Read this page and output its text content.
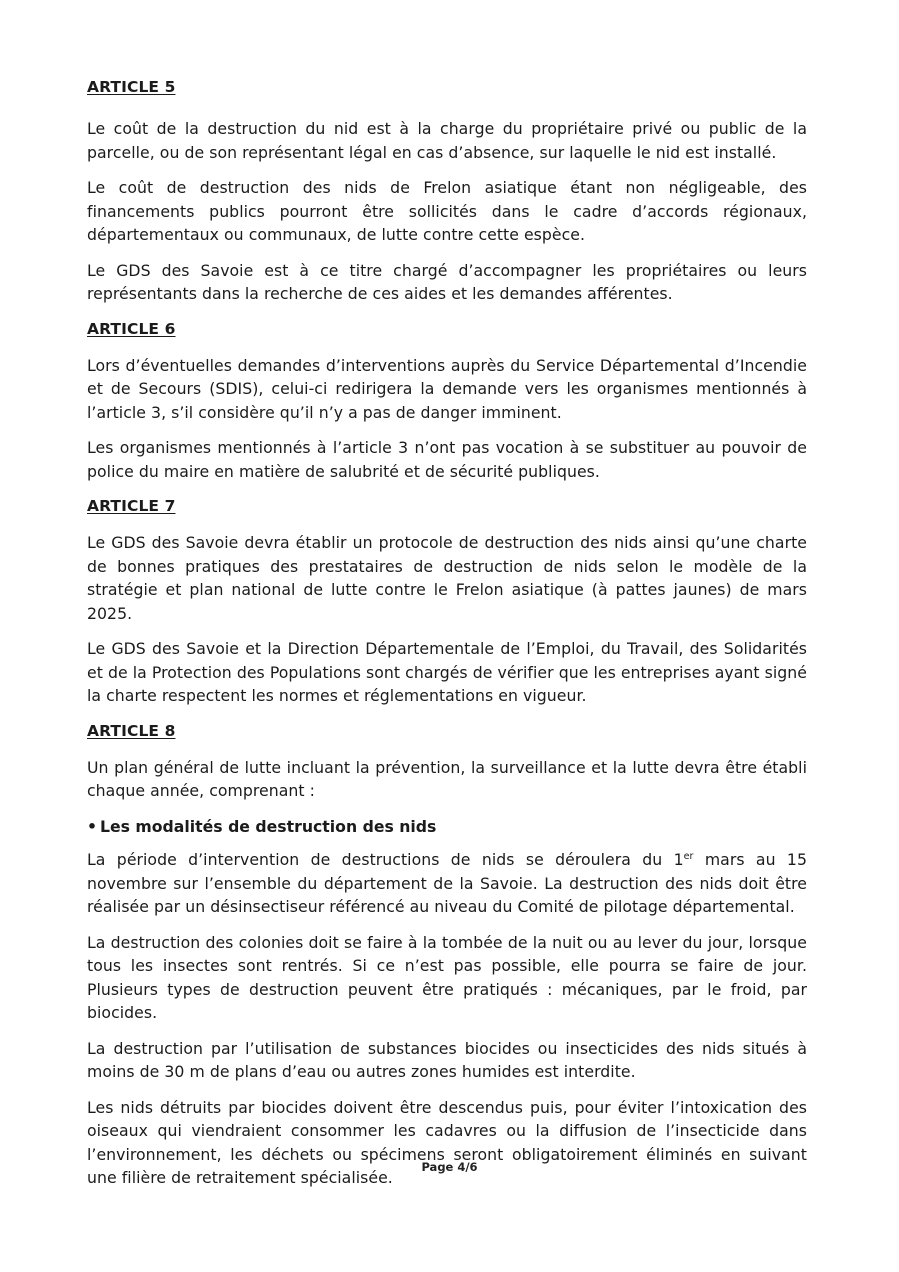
ARTICLE 5

Le coût de la destruction du nid est à la charge du propriétaire privé ou public de la parcelle, ou de son représentant légal en cas d’absence, sur laquelle le nid est installé.

Le coût de destruction des nids de Frelon asiatique étant non négligeable, des financements publics pourront être sollicités dans le cadre d’accords régionaux, départementaux ou communaux, de lutte contre cette espèce.

Le GDS des Savoie est à ce titre chargé d’accompagner les propriétaires ou leurs représentants dans la recherche de ces aides et les demandes afférentes.

ARTICLE 6

Lors d’éventuelles demandes d’interventions auprès du Service Départemental d’Incendie et de Secours (SDIS), celui-ci redirigera la demande vers les organismes mentionnés à l’article 3, s’il considère qu’il n’y a pas de danger imminent.

Les organismes mentionnés à l’article 3 n’ont pas vocation à se substituer au pouvoir de police du maire en matière de salubrité et de sécurité publiques.

ARTICLE 7

Le GDS des Savoie devra établir un protocole de destruction des nids ainsi qu’une charte de bonnes pratiques des prestataires de destruction de nids selon le modèle de la stratégie et plan national de lutte contre le Frelon asiatique (à pattes jaunes) de mars 2025.

Le GDS des Savoie et la Direction Départementale de l’Emploi, du Travail, des Solidarités et de la Protection des Populations sont chargés de vérifier que les entreprises ayant signé la charte respectent les normes et réglementations en vigueur.

ARTICLE 8

Un plan général de lutte incluant la prévention, la surveillance et la lutte devra être établi chaque année, comprenant :

• Les modalités de destruction des nids

La période d’intervention de destructions de nids se déroulera du 1er mars au 15 novembre sur l’ensemble du département de la Savoie. La destruction des nids doit être réalisée par un désinsectiseur référencé au niveau du Comité de pilotage départemental.

La destruction des colonies doit se faire à la tombée de la nuit ou au lever du jour, lorsque tous les insectes sont rentrés. Si ce n’est pas possible, elle pourra se faire de jour. Plusieurs types de destruction peuvent être pratiqués : mécaniques, par le froid, par biocides.

La destruction par l’utilisation de substances biocides ou insecticides des nids situés à moins de 30 m de plans d’eau ou autres zones humides est interdite.

Les nids détruits par biocides doivent être descendus puis, pour éviter l’intoxication des oiseaux qui viendraient consommer les cadavres ou la diffusion de l’insecticide dans l’environnement, les déchets ou spécimens seront obligatoirement éliminés en suivant une filière de retraitement spécialisée.

Page 4/6
